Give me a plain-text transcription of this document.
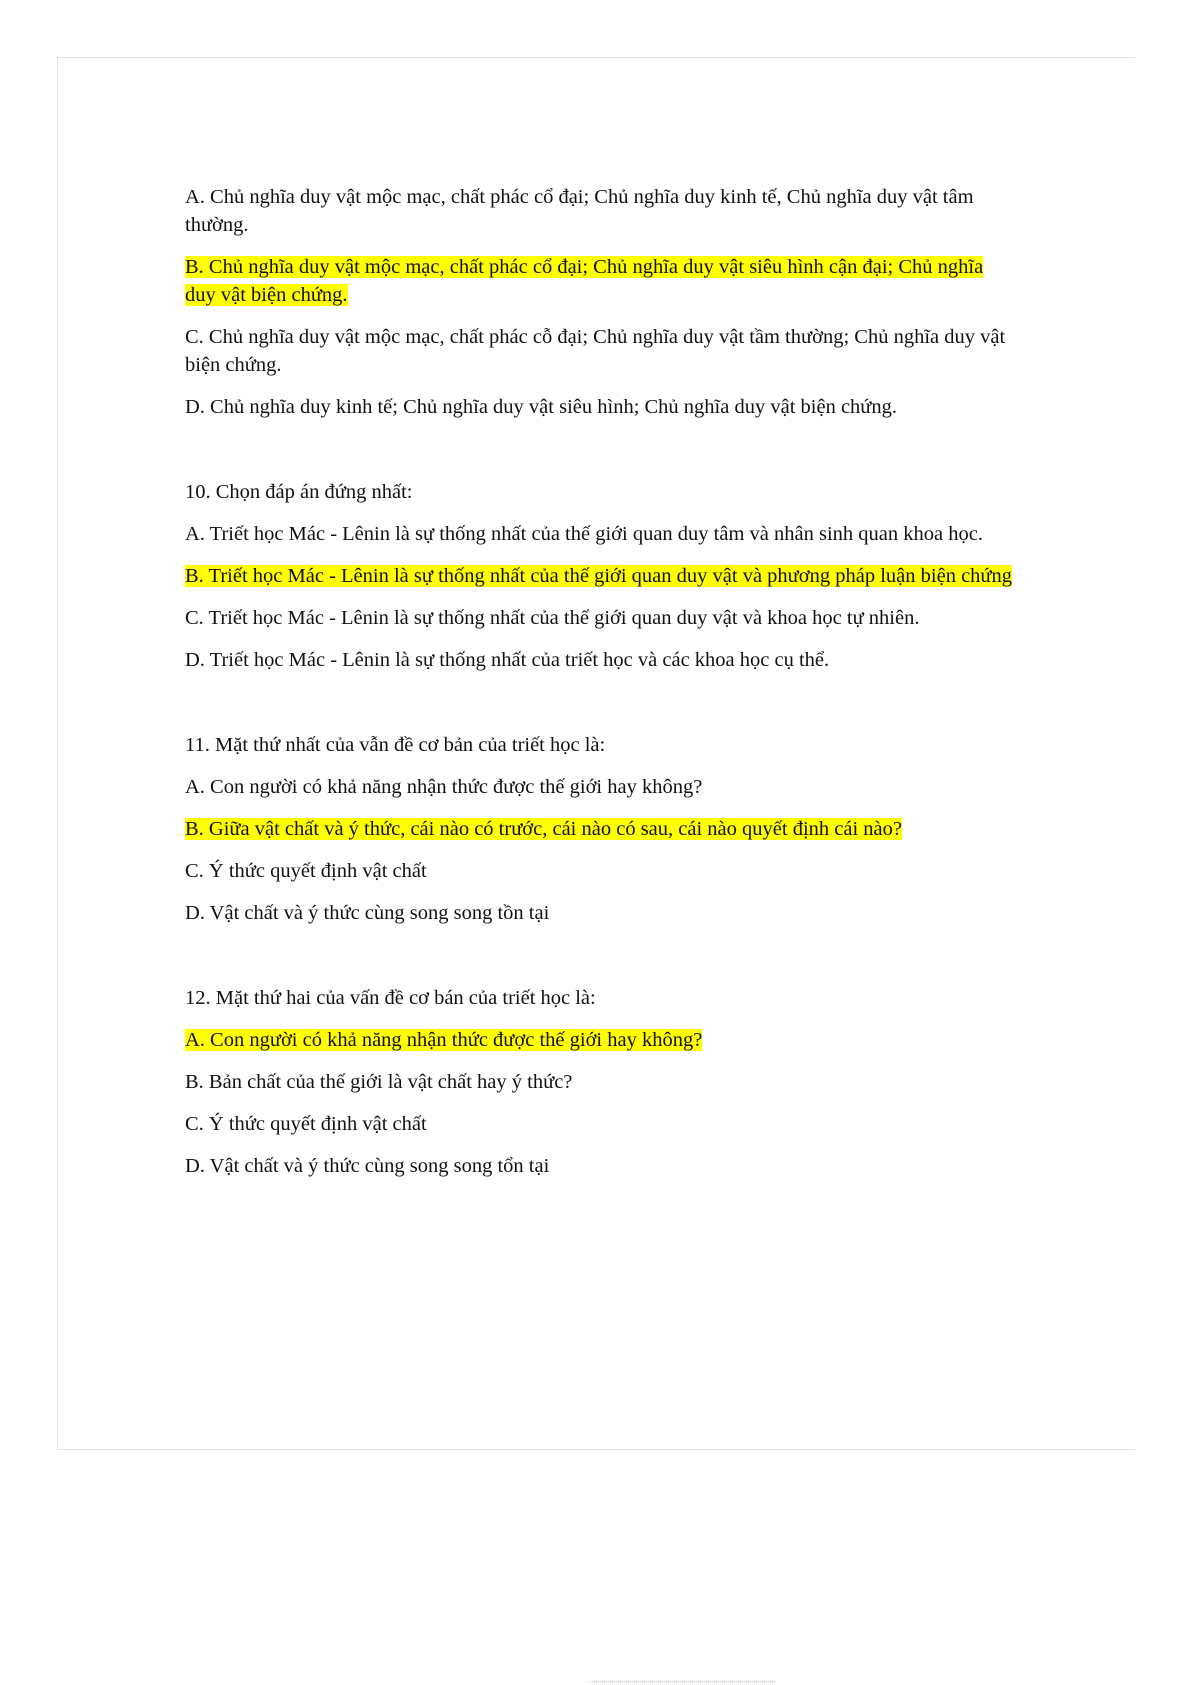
A. Chủ nghĩa duy vật mộc mạc, chất phác cổ đại; Chủ nghĩa duy kinh tế, Chủ nghĩa duy vật tâm thường.

B. Chủ nghĩa duy vật mộc mạc, chất phác cổ đại; Chủ nghĩa duy vật siêu hình cận đại; Chủ nghĩa duy vật biện chứng.

C. Chủ nghĩa duy vật mộc mạc, chất phác cỗ đại; Chủ nghĩa duy vật tầm thường; Chủ nghĩa duy vật biện chứng.

D. Chủ nghĩa duy kinh tế; Chủ nghĩa duy vật siêu hình; Chủ nghĩa duy vật biện chứng.

10. Chọn đáp án đứng nhất:

A. Triết học Mác - Lênin là sự thống nhất của thế giới quan duy tâm và nhân sinh quan khoa học.

B. Triết học Mác - Lênin là sự thống nhất của thế giới quan duy vật và phương pháp luận biện chứng

C. Triết học Mác - Lênin là sự thống nhất của thế giới quan duy vật và khoa học tự nhiên.

D. Triết học Mác - Lênin là sự thống nhất của triết học và các khoa học cụ thể.

11. Mặt thứ nhất của vẫn đề cơ bản của triết học là:

A. Con người có khả năng nhận thức được thế giới hay không?

B. Giữa vật chất và ý thức, cái nào có trước, cái nào có sau, cái nào quyết định cái nào?

C. Ý thức quyết định vật chất

D. Vật chất và ý thức cùng song song tồn tại

12. Mặt thứ hai của vấn đề cơ bán của triết học là:

A. Con người có khả năng nhận thức được thế giới hay không?

B. Bản chất của thế giới là vật chất hay ý thức?

C. Ý thức quyết định vật chất

D. Vật chất và ý thức cùng song song tổn tại
